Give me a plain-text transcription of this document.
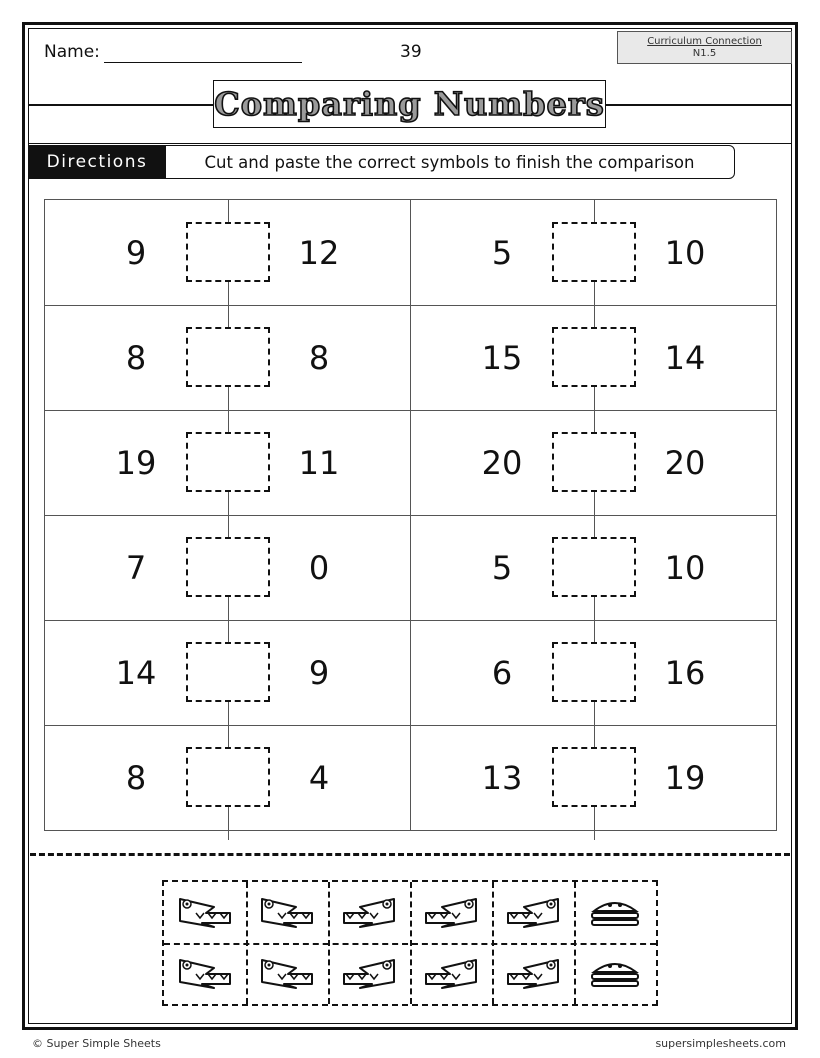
Name:	39
Curriculum Connection
N1.5
Comparing Numbers
Directions	Cut and paste the correct symbols to finish the comparison
9	12	5	10
8	8	15	14
19	11	20	20
7	0	5	10
14	9	6	16
8	4	13	19
© Super Simple Sheets	supersimplesheets.com
